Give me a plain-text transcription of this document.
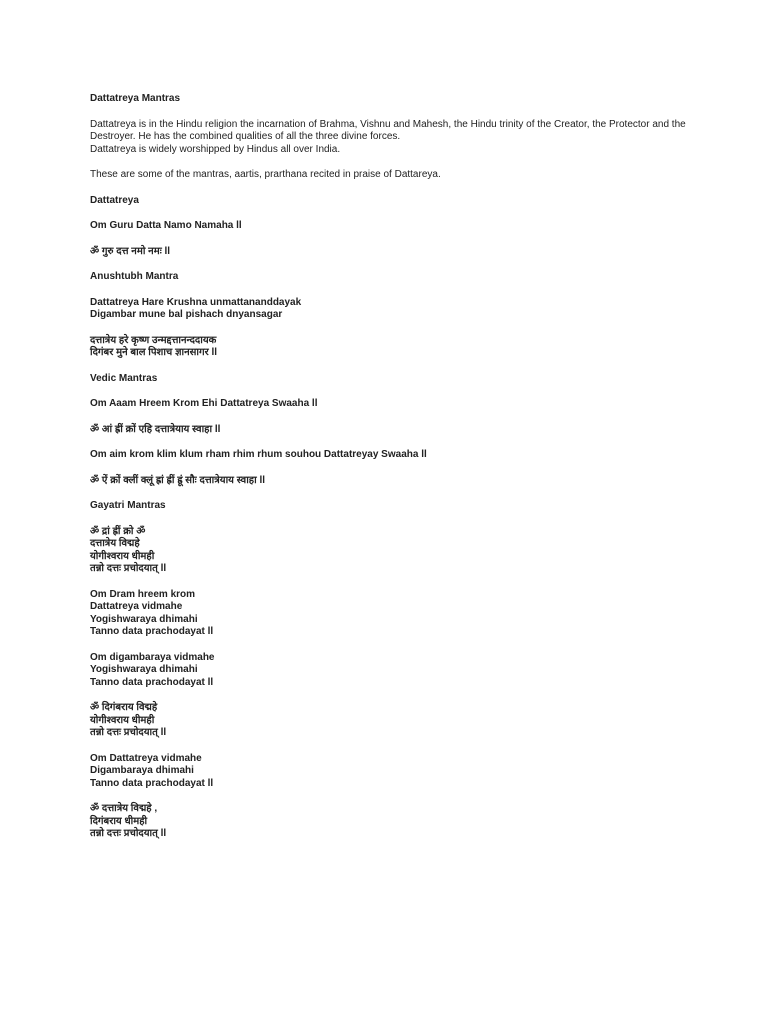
Dattatreya Mantras

Dattatreya is in the Hindu religion the incarnation of Brahma, Vishnu and Mahesh, the Hindu trinity of the Creator, the Protector and the Destroyer. He has the combined qualities of all the three divine forces.
Dattatreya is widely worshipped by Hindus all over India.

These are some of the mantras, aartis, prarthana recited in praise of Dattareya.

Dattatreya

Om Guru Datta Namo Namaha ll

ॐ गुरु दत्त नमो नमः ll

Anushtubh Mantra

Dattatreya Hare Krushna unmattananddayak
Digambar mune bal pishach dnyansagar

दत्तात्रेय हरे कृष्ण उन्मद्दत्तानन्ददायक
दिगंबर मुने बाल पिशाच ज्ञानसागर ll

Vedic Mantras

Om Aaam Hreem Krom Ehi Dattatreya Swaaha ll

ॐ आं ह्रीं क्रों एहि दत्तात्रेयाय स्वाहा ll

Om aim krom klim klum rham rhim rhum souhou Dattatreyay Swaaha ll

ॐ ऐं क्रों क्लीं क्लूं ह्रां ह्रीं ह्रूं सौः दत्तात्रेयाय स्वाहा ll

Gayatri Mantras

ॐ द्रां ह्रीं क्रो ॐ
दत्तात्रेय विद्महे
योगीश्वराय धीमही
तन्नो दत्तः प्रचोदयात् ll

Om Dram hreem krom
Dattatreya vidmahe
Yogishwaraya dhimahi
Tanno data prachodayat ll

Om digambaraya vidmahe
Yogishwaraya dhimahi
Tanno data prachodayat ll

ॐ दिगंबराय विद्महे
योगीश्वराय धीमही
तन्नो दत्तः प्रचोदयात् ll

Om Dattatreya vidmahe
Digambaraya dhimahi
Tanno data prachodayat ll

ॐ दत्तात्रेय विद्महे ,
दिगंबराय धीमही
तन्नो दत्तः प्रचोदयात् ll
